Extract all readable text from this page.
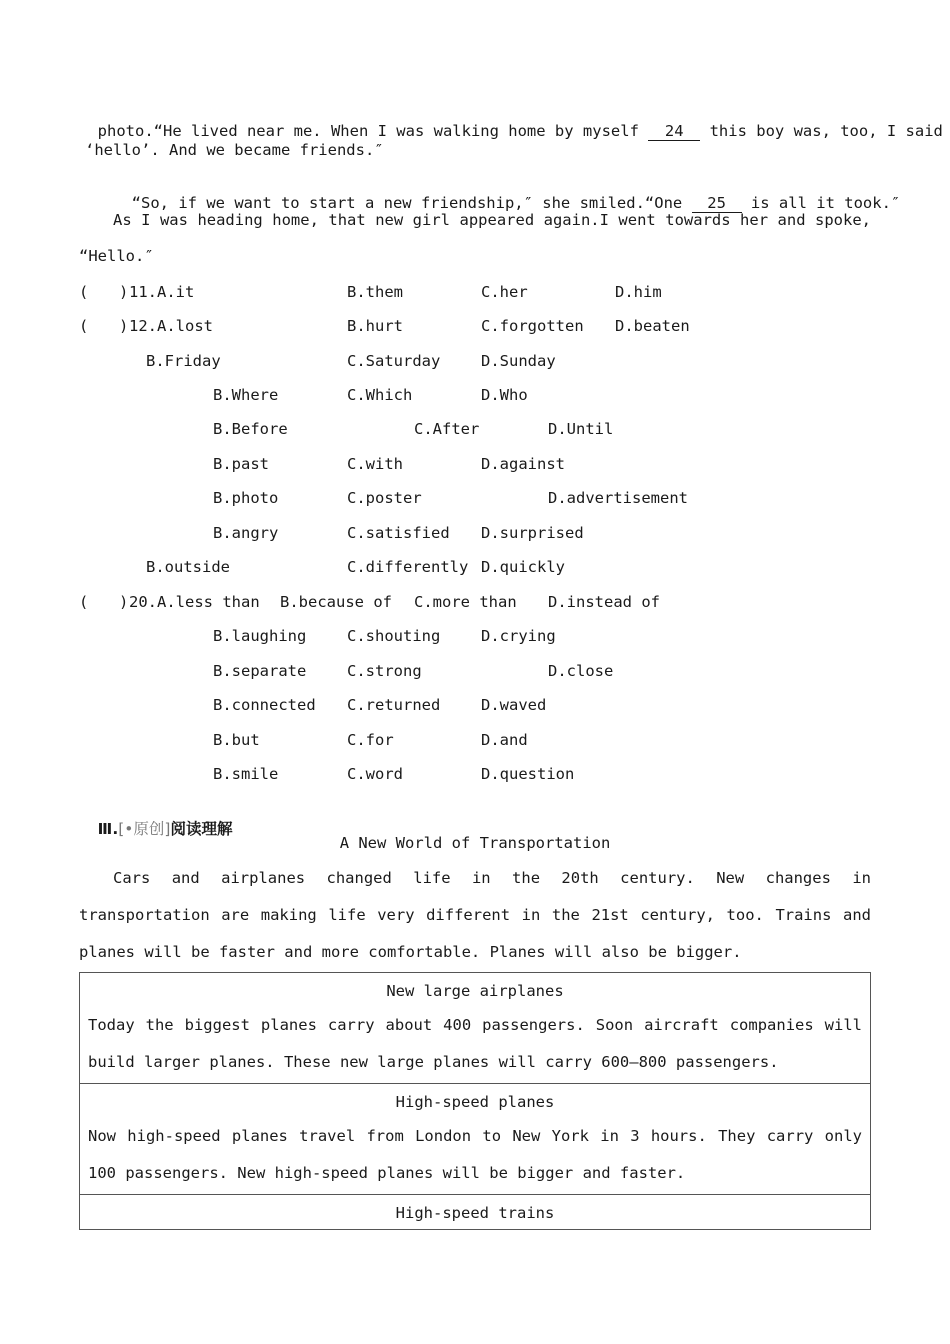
photo.“He lived near me. When I was walking home by myself 24 this boy was, too, I said

‘hello’. And we became friends.″

“So, if we want to start a new friendship,″ she smiled.“One 25 is all it took.″

As I was heading home, that new girl appeared again.I went towards her and spoke,
“Hello.″
( ) 11.A.it	B.them	C.her	D.him
( ) 12.A.lost	B.hurt	C.forgotten D.beaten
B.Friday	C.Saturday	D.Sunday
B.Where	C.Which	D.Who
B.Before	C.After	D.Until
B.past	C.with	D.against
B.photo	C.poster	D.advertisement
B.angry	C.satisfied D.surprised
B.outside	C.differently D.quickly
( ) 20.A.less than B.because of C.more than D.instead of
B.laughing	C.shouting	D.crying
B.separate	C.strong	D.close
B.connected C.returned	D.waved
B.but	C.for	D.and
B.smile	C.word	D.question

Ⅲ.[•原创]阅读理解

A New World of Transportation
Cars and airplanes changed life in the 20th century. New changes in transportation are making life very different in the 21st century, too. Trains and planes will be faster and more comfortable. Planes will also be bigger.
New large airplanes
Today the biggest planes carry about 400 passengers. Soon aircraft companies will build larger planes. These new large planes will carry 600—800 passengers.

High-speed planes
Now high-speed planes travel from London to New York in 3 hours. They carry only 100 passengers. New high-speed planes will be bigger and faster.

High-speed trains
